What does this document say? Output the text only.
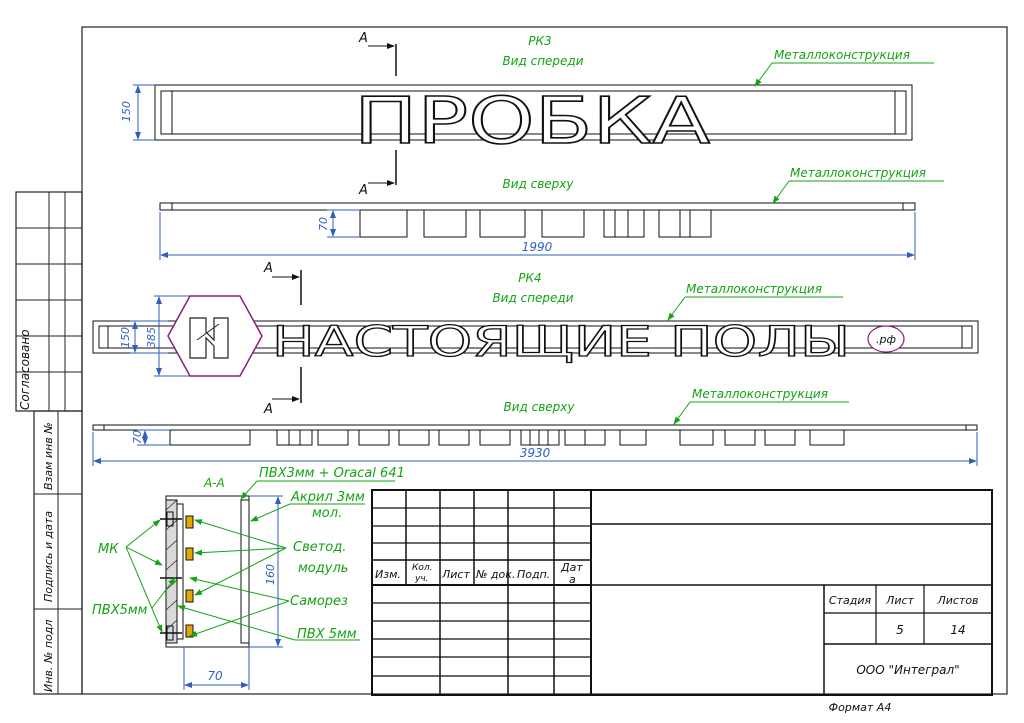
Согласовано
Взам инв №
Подпись и дата
Инв. № подл
РК3
Вид спереди
ПРОБКА
А
А
Металлоконструкция
150
Вид сверху
Металлоконструкция
70
1990
РК4
Вид спереди
НАСТОЯЩИЕ ПОЛЫ .рф
А
А
Металлоконструкция
385
150
Вид сверху
Металлоконструкция
70
3930
А-А
160
70
ПВХ3мм + Oracal 641
Акрил 3мм
мол.
МК	Светод.
модуль
ПВХ5мм
Саморез
ПВХ 5мм
Изм. Кол.
уч. Лист № док. Подп.
Дат
а
Стадия Лист Листов
5	14
ООО "Интеграл"
Формат А4
